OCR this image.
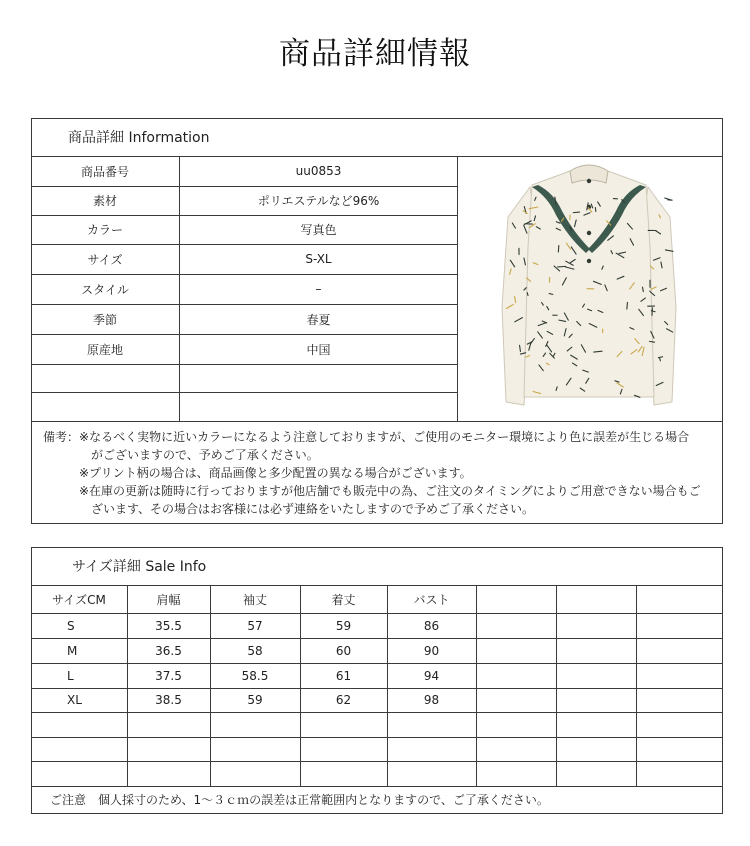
商品詳細情報
商品詳細 Information
商品番号	uu0853
素材	ポリエステルなど96%
カラー	写真色
サイズ	S-XL
スタイル	–
季節	春夏
原産地	中国

備考：※なるべく実物に近いカラーになるよう注意しておりますが、ご使用のモニター環境により色に誤差が生じる場合

がございますので、予めご了承ください。

※プリント柄の場合は、商品画像と多少配置の異なる場合がございます。

※在庫の更新は随時に行っておりますが他店舗でも販売中の為、ご注文のタイミングによりご用意できない場合もご

ざいます、その場合はお客様には必ず連絡をいたしますので予めご了承ください。

サイズ詳細 Sale Info
サイズCM	肩幅	袖丈	着丈	バスト
S	35.5	57	59	86
M	36.5	58	60	90
L	37.5	58.5	61	94
XL	38.5	59	62	98
ご注意　個人採寸のため、1～３ｃｍの誤差は正常範囲内となりますので、ご了承ください。
